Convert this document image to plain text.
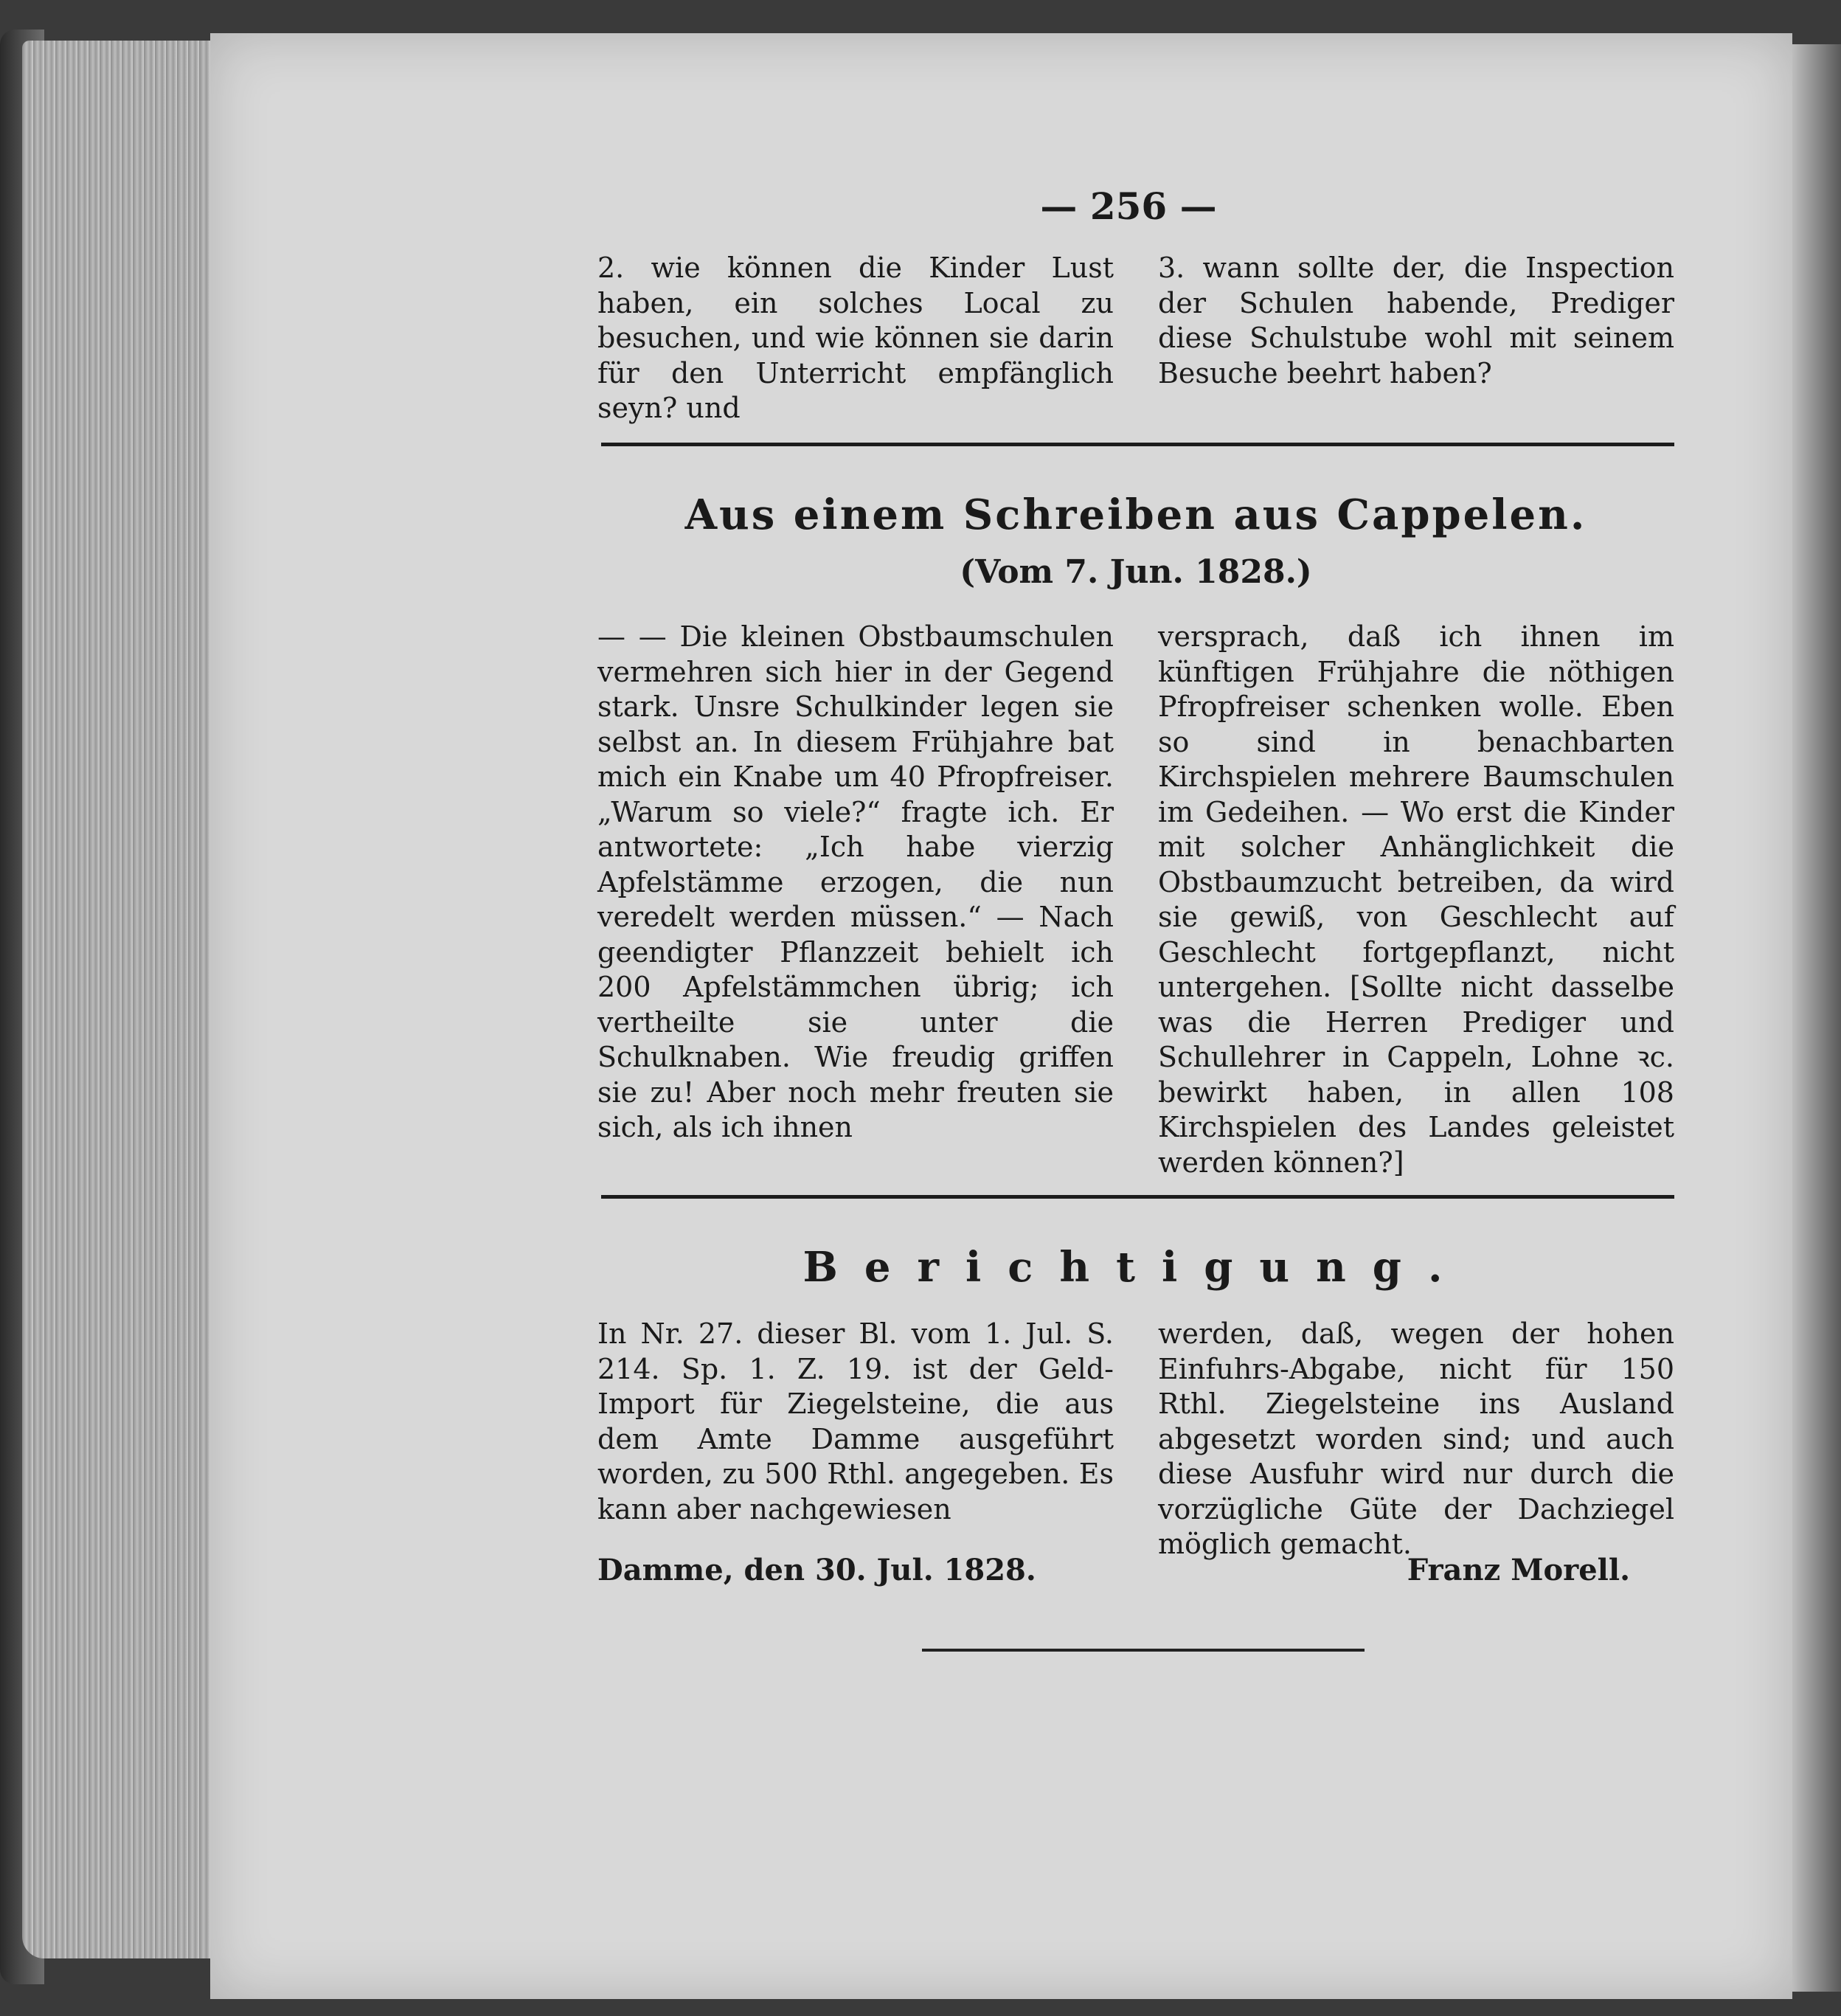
— 256 —
2. wie können die Kinder Lust haben, ein solches Local zu besuchen, und wie können sie darin für den Unterricht empfänglich seyn? und
3. wann sollte der, die Inspection der Schulen habende, Prediger diese Schulstube wohl mit seinem Besuche beehrt haben?
Aus einem Schreiben aus Cappelen.
(Vom 7. Jun. 1828.)
— — Die kleinen Obstbaumschulen vermehren sich hier in der Gegend stark. Unsre Schulkinder legen sie selbst an. In diesem Frühjahre bat mich ein Knabe um 40 Pfropfreiser. „Warum so viele?“ fragte ich. Er antwortete: „Ich habe vierzig Apfelstämme erzogen, die nun veredelt werden müssen.“ — Nach geendigter Pflanzzeit behielt ich 200 Apfelstämmchen übrig; ich vertheilte sie unter die Schulknaben. Wie freudig griffen sie zu! Aber noch mehr freuten sie sich, als ich ihnen
versprach, daß ich ihnen im künftigen Frühjahre die nöthigen Pfropfreiser schenken wolle. Eben so sind in benachbarten Kirchspielen mehrere Baumschulen im Gedeihen. — Wo erst die Kinder mit solcher Anhänglichkeit die Obstbaumzucht betreiben, da wird sie gewiß, von Geschlecht auf Geschlecht fortgepflanzt, nicht untergehen. [Sollte nicht dasselbe was die Herren Prediger und Schullehrer in Cappeln, Lohne ꝛc. bewirkt haben, in allen 108 Kirchspielen des Landes geleistet werden können?]
Berichtigung.
In Nr. 27. dieser Bl. vom 1. Jul. S. 214. Sp. 1. Z. 19. ist der Geld-Import für Ziegelsteine, die aus dem Amte Damme ausgeführt worden, zu 500 Rthl. angegeben. Es kann aber nachgewiesen
werden, daß, wegen der hohen Einfuhrs-Abgabe, nicht für 150 Rthl. Ziegelsteine ins Ausland abgesetzt worden sind; und auch diese Ausfuhr wird nur durch die vorzügliche Güte der Dachziegel möglich gemacht.
Damme, den 30. Jul. 1828.	Franz Morell.
